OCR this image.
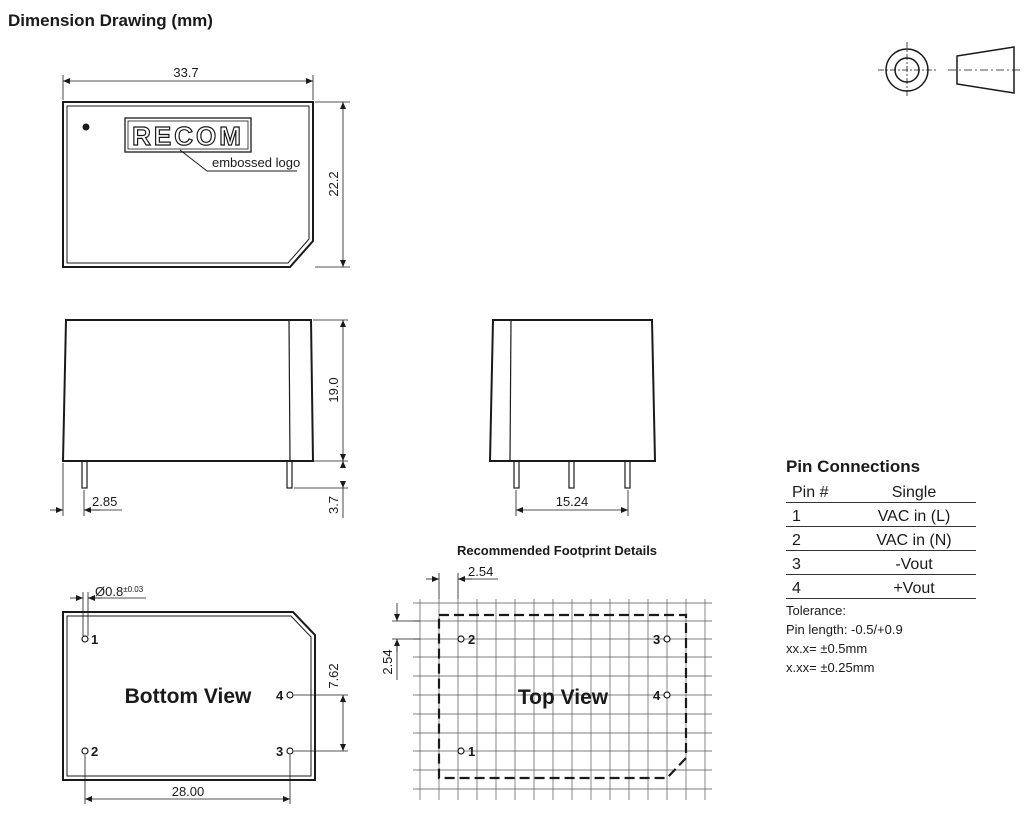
Dimension Drawing (mm)
RECOM
embossed logo
33.7
22.2
19.0
3.7
2.85	15.24
Bottom View
1
2
4
3
$Ø0.8^{\pm 0.03}$
7.62
28.00
Recommended Footprint Details
Top View
2
1
3
4
2.54
2.54
Pin Connections
Pin #	Single
1	VAC in (L)
2	VAC in (N)
3	-Vout
4	+Vout
Tolerance:
Pin length: -0.5/+0.9
xx.x= ±0.5mm
x.xx= ±0.25mm
